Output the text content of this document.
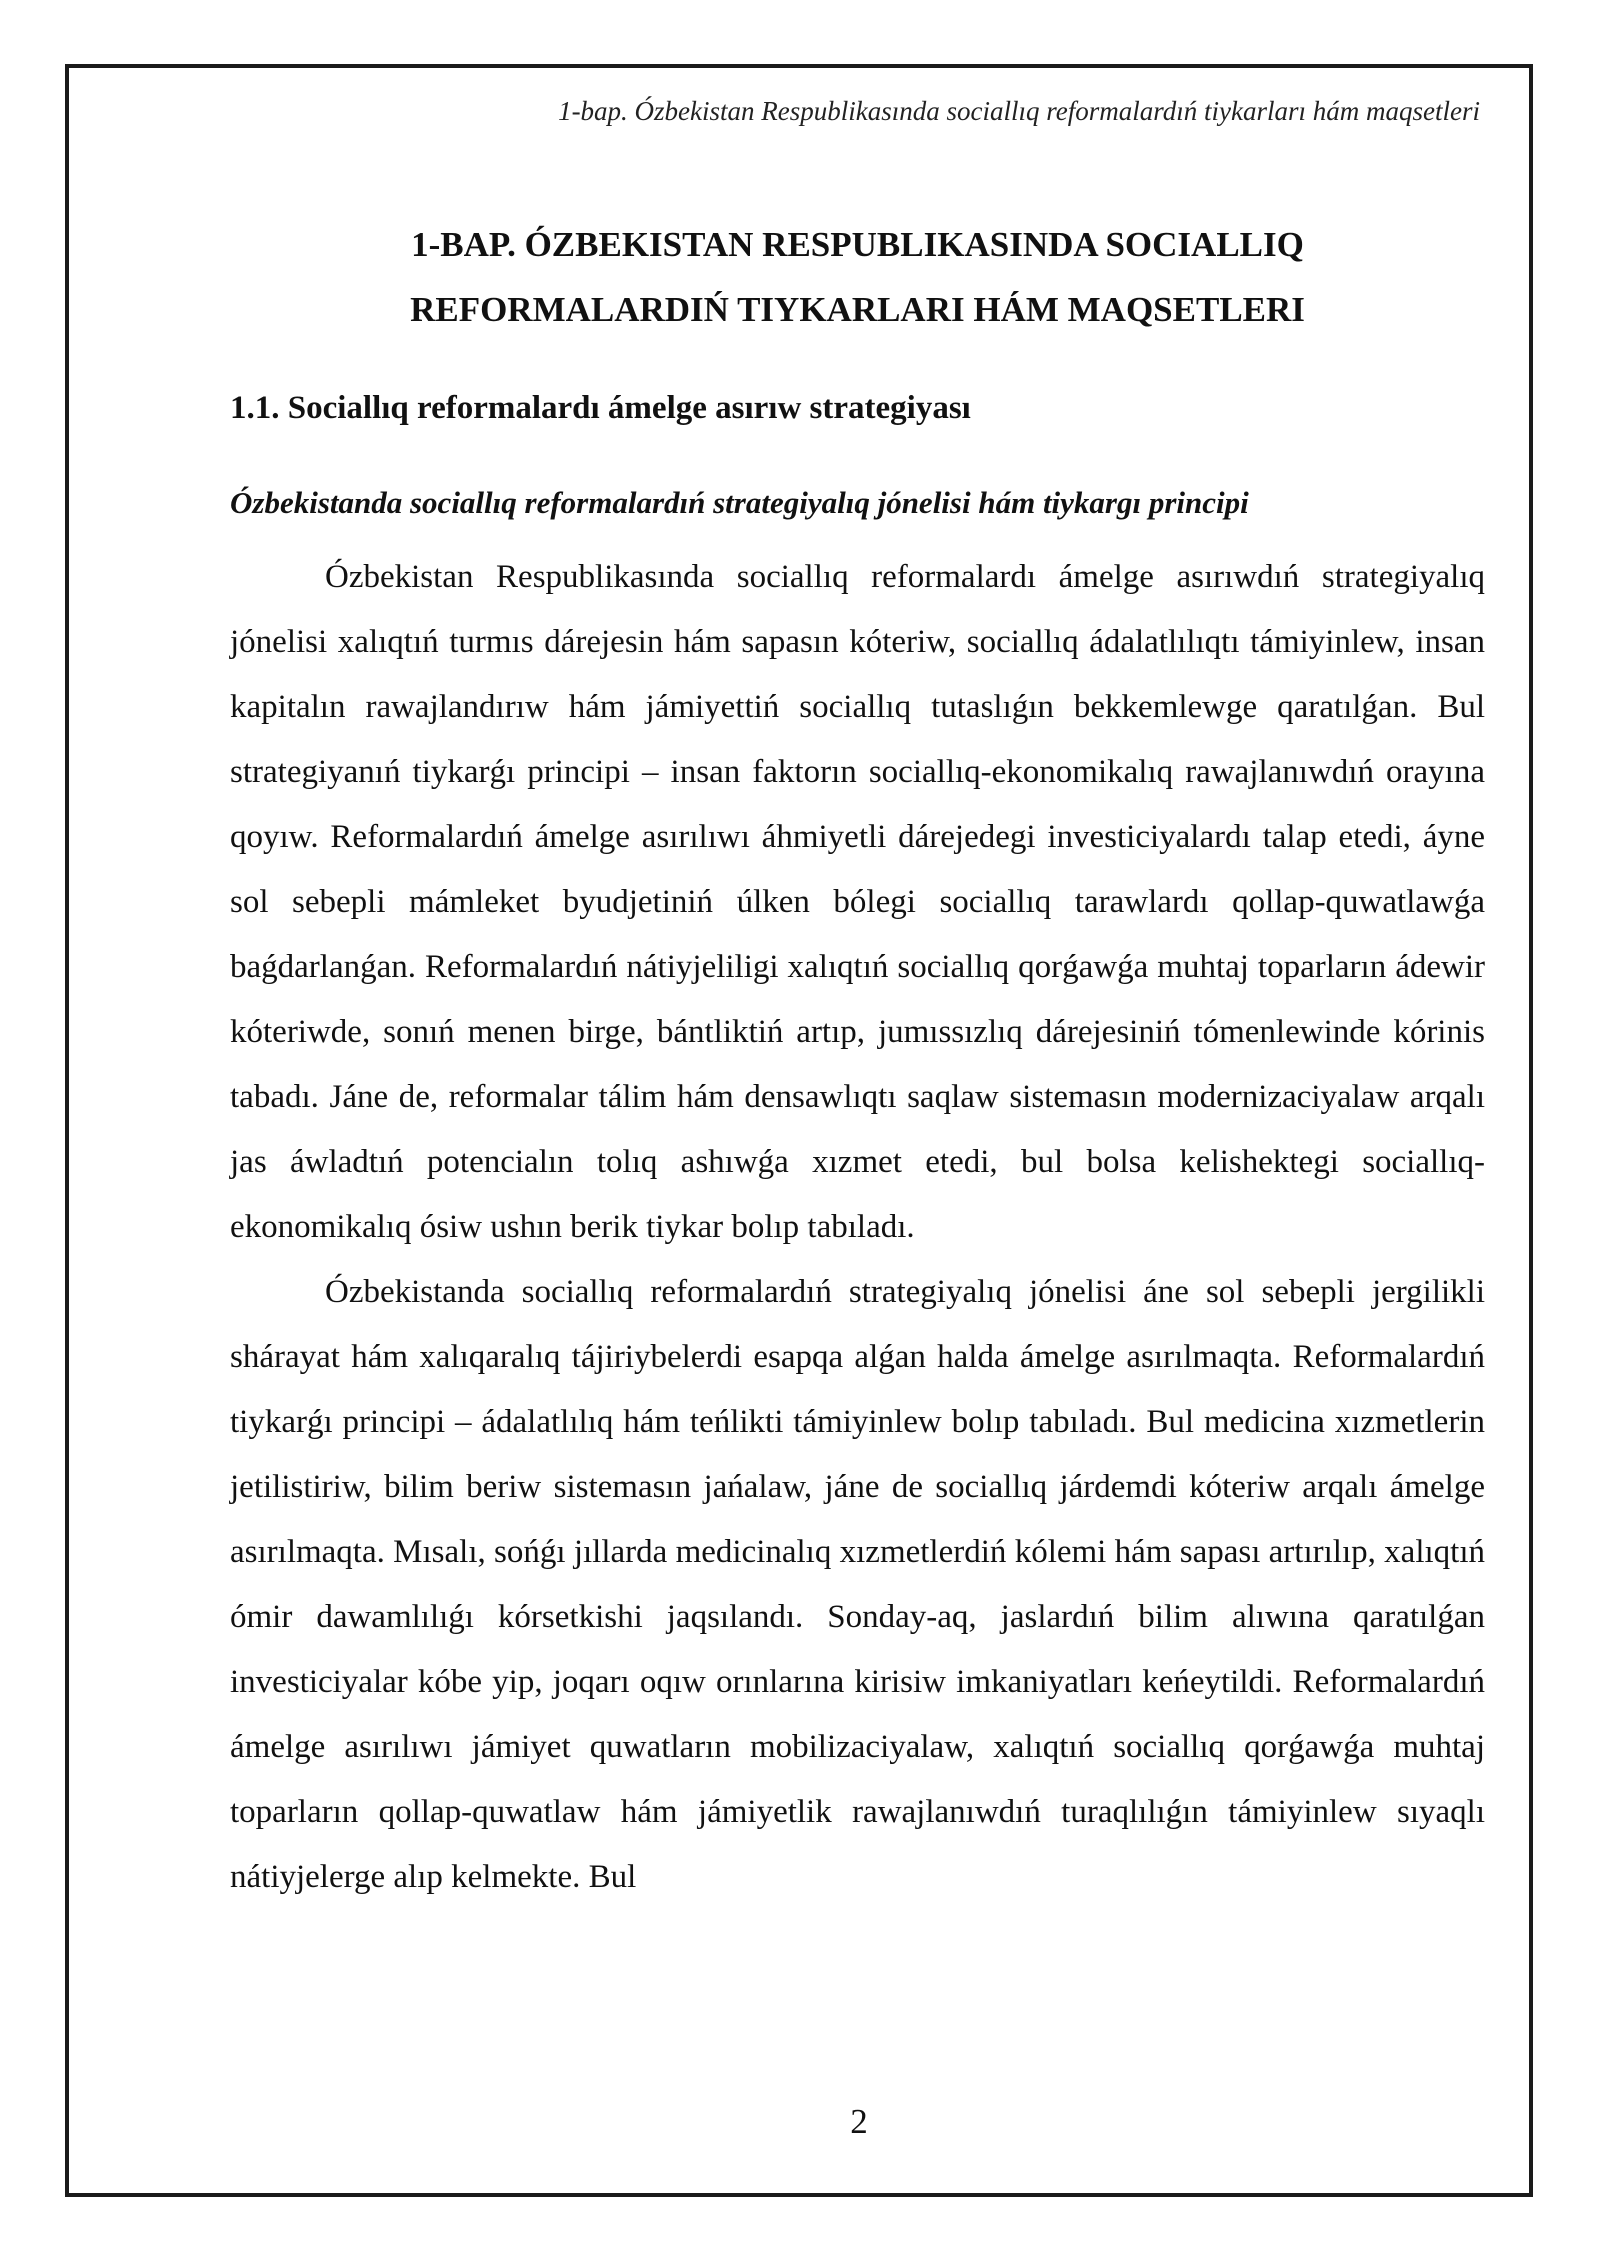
1-bap. Ózbekistan Respublikasında sociallıq reformalardıń tiykarları hám maqsetleri
1-BAP. ÓZBEKISTAN RESPUBLIKASINDA SOCIALLIQ
REFORMALARDIŃ TIYKARLARI HÁM MAQSETLERI
1.1. Sociallıq reformalardı ámelge asırıw strategiyası
Ózbekistanda sociallıq reformalardıń strategiyalıq jónelisi hám tiykargı principi

Ózbekistan Respublikasında sociallıq reformalardı ámelge asırıwdıń strategiyalıq jónelisi xalıqtıń turmıs dárejesin hám sapasın kóteriw, sociallıq ádalatlılıqtı támiyinlew, insan kapitalın rawajlandırıw hám jámiyettiń sociallıq tutaslıǵın bekkemlewge qaratılǵan. Bul strategiyanıń tiykarǵı principi – insan faktorın sociallıq-ekonomikalıq rawajlanıwdıń orayına qoyıw. Reformalardıń ámelge asırılıwı áhmiyetli dárejedegi investiciyalardı talap etedi, áyne sol sebepli mámleket byudjetiniń úlken bólegi sociallıq tarawlardı qollap-quwatlawǵa baǵdarlanǵan. Reformalardıń nátiyjeliligi xalıqtıń sociallıq qorǵawǵa muhtaj toparların ádewir kóteriwde, sonıń menen birge, bántliktiń artıp, jumıssızlıq dárejesiniń tómenlewinde kórinis tabadı. Jáne de, reformalar tálim hám densawlıqtı saqlaw sistemasın modernizaciyalaw arqalı jas áwladtıń potencialın tolıq ashıwǵa xızmet etedi, bul bolsa kelishektegi sociallıq-ekonomikalıq ósiw ushın berik tiykar bolıp tabıladı.

Ózbekistanda sociallıq reformalardıń strategiyalıq jónelisi áne sol sebepli jergilikli shárayat hám xalıqaralıq tájiriybelerdi esapqa alǵan halda ámelge asırılmaqta. Reformalardıń tiykarǵı principi – ádalatlılıq hám teńlikti támiyinlew bolıp tabıladı. Bul medicina xızmetlerin jetilistiriw, bilim beriw sistemasın jańalaw, jáne de sociallıq járdemdi kóteriw arqalı ámelge asırılmaqta. Mısalı, sońǵı jıllarda medicinalıq xızmetlerdiń kólemi hám sapası artırılıp, xalıqtıń ómir dawamlılıǵı kórsetkishi jaqsılandı. Sonday-aq, jaslardıń bilim alıwına qaratılǵan investiciyalar kóbe yip, joqarı oqıw orınlarına kirisiw imkaniyatları keńeytildi. Reformalardıń ámelge asırılıwı jámiyet quwatların mobilizaciyalaw, xalıqtıń sociallıq qorǵawǵa muhtaj toparların qollap-quwatlaw hám jámiyetlik rawajlanıwdıń turaqlılıǵın támiyinlew sıyaqlı nátiyjelerge alıp kelmekte. Bul

2
